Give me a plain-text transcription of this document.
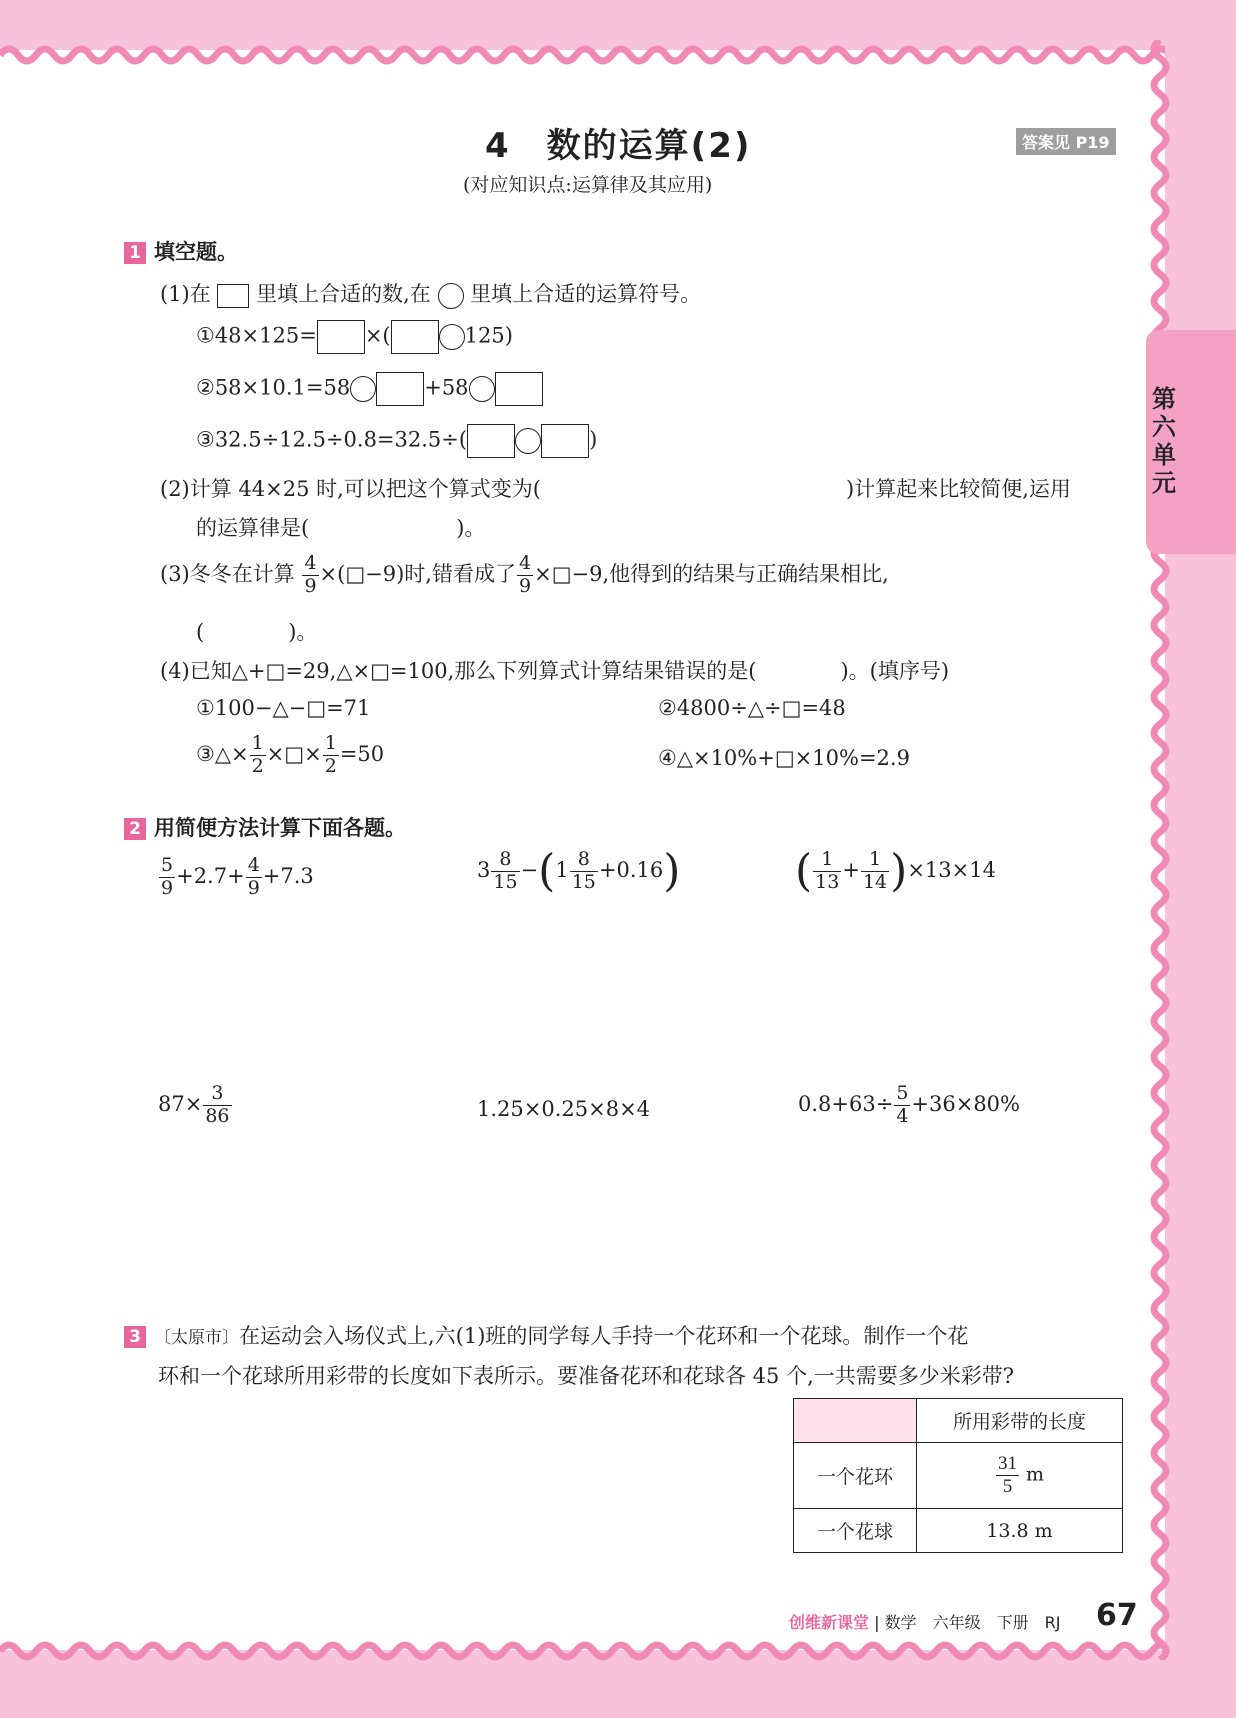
第六单元
4　数的运算(2)	答案见 P19
(对应知识点:运算律及其应用)
1 填空题。
(1)在 里填上合适的数,在 里填上合适的运算符号。
①48×125= ×(	125)
②58×10.1=58	+58
③32.5÷12.5÷0.8=32.5÷(	)
(2)计算 44×25 时,可以把这个算式变为(	)计算起来比较简便,运用
的运算律是(　　　　　　　)。
(3)冬冬在计算 $\frac{4}{9}$ ×(□−9)时,错看成了 $\frac{4}{9}$ ×□−9,他得到的结果与正确结果相比,
(　　　　)。
(4)已知△+□=29,△×□=100,那么下列算式计算结果错误的是(　　　　)。(填序号)
①100−△−□=71	②4800÷△÷□=48
③△× $\frac{1}{2}$ ×□× $\frac{1}{2} =50$	④△×10%+□×10%=2.9
2 用简便方法计算下面各题。
$\frac{5}{9} +2.7+ \frac{4}{9} +7.3$	$3 \frac{8}{15} -(1 \frac{8}{15} +0.16)$	( $\frac{1}{13} + \frac{1}{14} )\times 13\times 14$
$87\times \frac{3}{86}$	1.25×0.25×8×4	$0.8+63\div \frac{5}{4} +36\times 80\%$
3 〔太原市〕在运动会入场仪式上,六(1)班的同学每人手持一个花环和一个花球。制作一个花
环和一个花球所用彩带的长度如下表所示。要准备花环和花球各 45 个,一共需要多少米彩带?
	所用彩带的长度
一个花环	$\frac{31}{5}$ m
一个花球	13.8 m
创维新课堂 | 数学　六年级　下册　RJ 67
